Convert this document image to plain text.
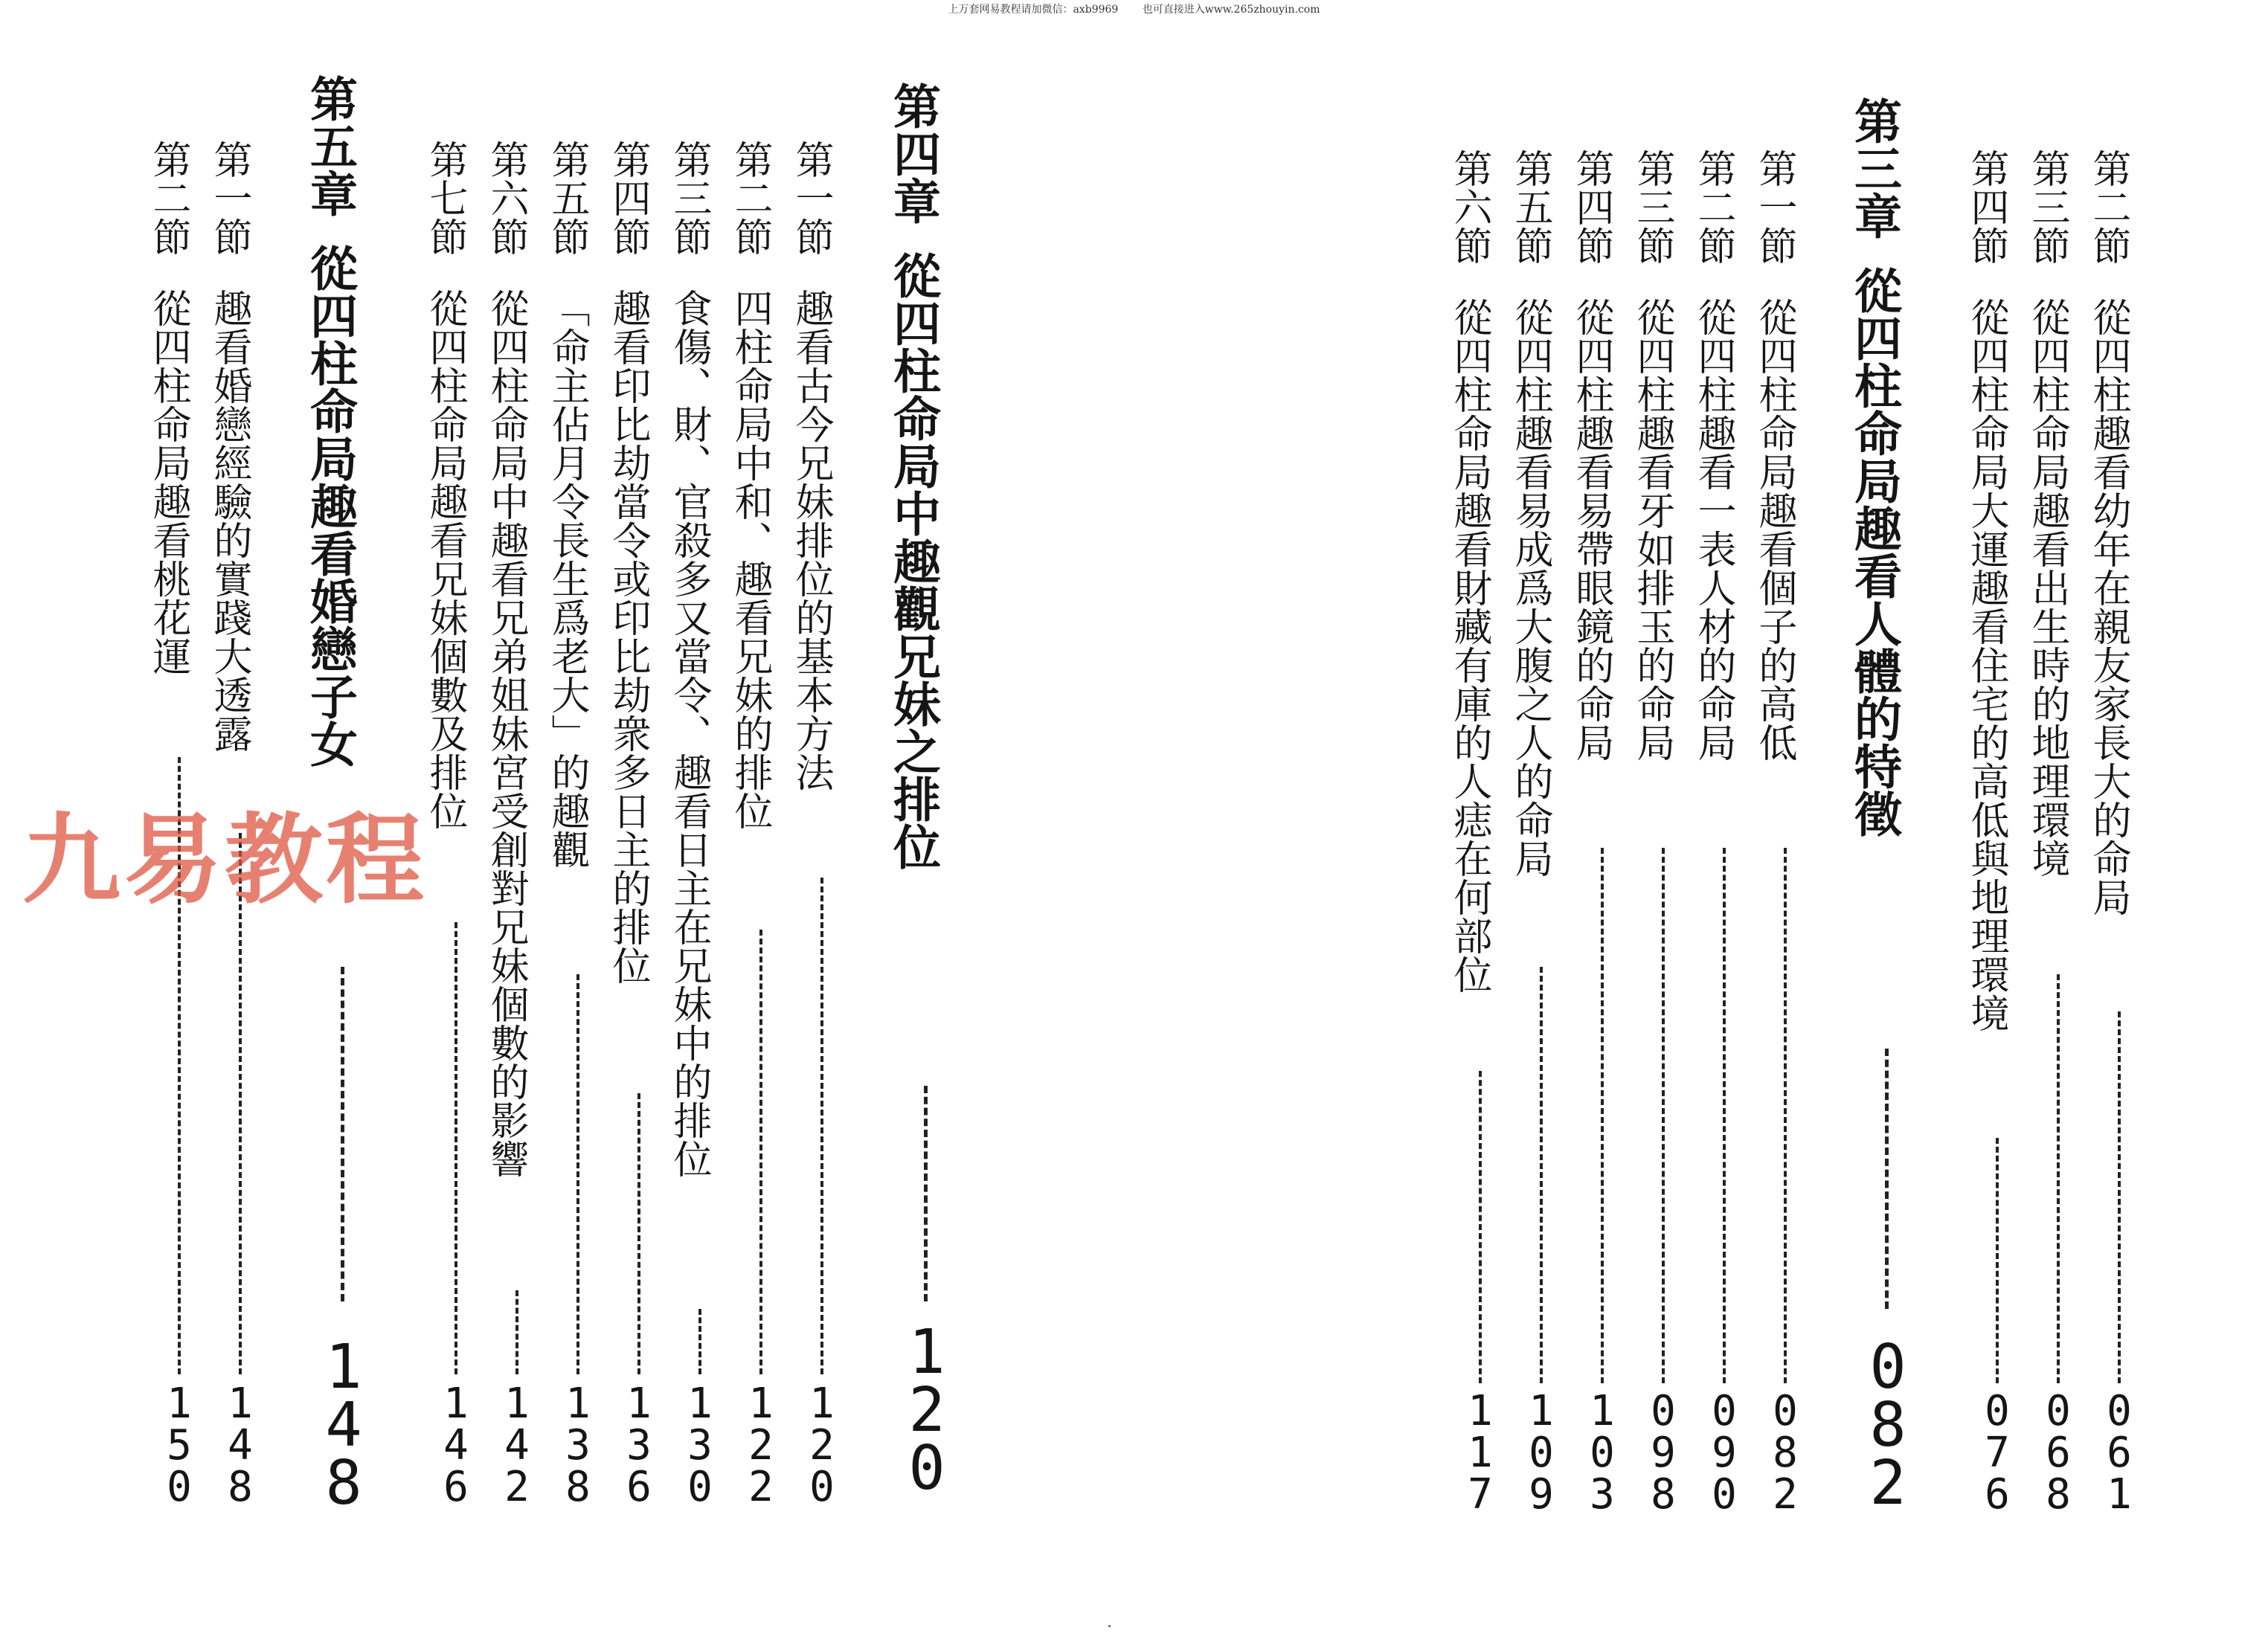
上万套网易教程请加微信：axb9969 也可直接进入www.265zhouyin.com
第二節
從四柱命局趣看桃花運
1
5
0
第一節
趣看婚戀經驗的實踐大透露
1
4
8
第五章
從四柱命局趣看婚戀子女
1
4
8
第七節
從四柱命局趣看兄妹個數及排位
1
4
6
第六節
從四柱命局中趣看兄弟姐妹宮受創對兄妹個數的影響
1
4
2
第五節
「命主佔月令長生爲老大」的趣觀
1
3
8
第四節
趣看印比劫當令或印比劫衆多日主的排位
1
3
6
第三節
食傷、財、官殺多又當令、趣看日主在兄妹中的排位
1
3
0
第二節
四柱命局中和、趣看兄妹的排位
1
2
2
第一節
趣看古今兄妹排位的基本方法
1
2
0
第四章
從四柱命局中趣觀兄妹之排位
1
2
0
第六節
從四柱命局趣看財藏有庫的人痣在何部位
1
1
7
第五節
從四柱趣看易成爲大腹之人的命局
1
0
9
第四節
從四柱趣看易帶眼鏡的命局
1
0
3
第三節
從四柱趣看牙如排玉的命局
0
9
8
第二節
從四柱趣看一表人材的命局
0
9
0
第一節
從四柱命局趣看個子的高低
0
8
2
第三章
從四柱命局趣看人體的特徵
0
8
2
第四節
從四柱命局大運趣看住宅的高低與地理環境
0
7
6
第三節
從四柱命局趣看出生時的地理環境
0
6
8
第二節
從四柱趣看幼年在親友家長大的命局
0
6
1
九易教程
